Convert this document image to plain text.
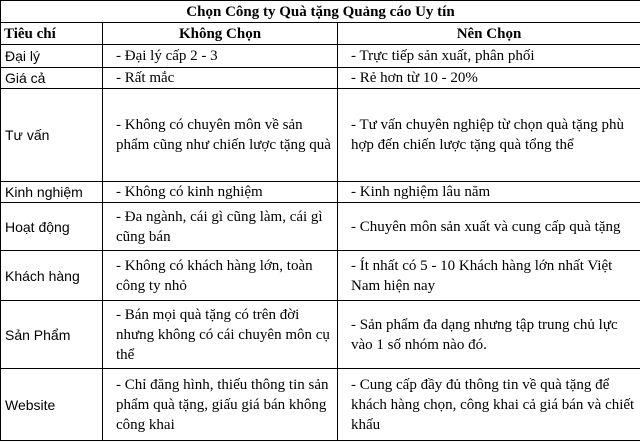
Chọn Công ty Quà tặng Quảng cáo Uy tín		
Tiêu chí	Không Chọn	Nên Chọn
Đại lý	- Đại lý cấp 2 - 3	- Trực tiếp sản xuất, phân phối
Giá cả	- Rất mắc	- Rẻ hơn từ 10 - 20%
Tư vấn	- Không có chuyên môn về sản phẩm cũng như chiến lược tặng quà	- Tư vấn chuyên nghiệp từ chọn quà tặng phù hợp đến chiến lược tặng quà tổng thể
Kinh nghiệm	- Không có kinh nghiệm	- Kinh nghiệm lâu năm
Hoạt động	- Đa ngành, cái gì cũng làm, cái gì cũng bán	- Chuyên môn sản xuất và cung cấp quà tặng
Khách hàng	- Không có khách hàng lớn, toàn công ty nhỏ	- Ít nhất có 5 - 10 Khách hàng lớn nhất Việt Nam hiện nay
Sản Phẩm	- Bán mọi quà tặng có trên đời nhưng không có cái chuyên môn cụ thể	- Sản phẩm đa dạng nhưng tập trung chủ lực vào 1 số nhóm nào đó.
Website	- Chỉ đăng hình, thiếu thông tin sản phẩm quà tặng, giấu giá bán không công khai	- Cung cấp đầy đủ thông tin về quà tặng để khách hàng chọn, công khai cả giá bán và chiết khấu
